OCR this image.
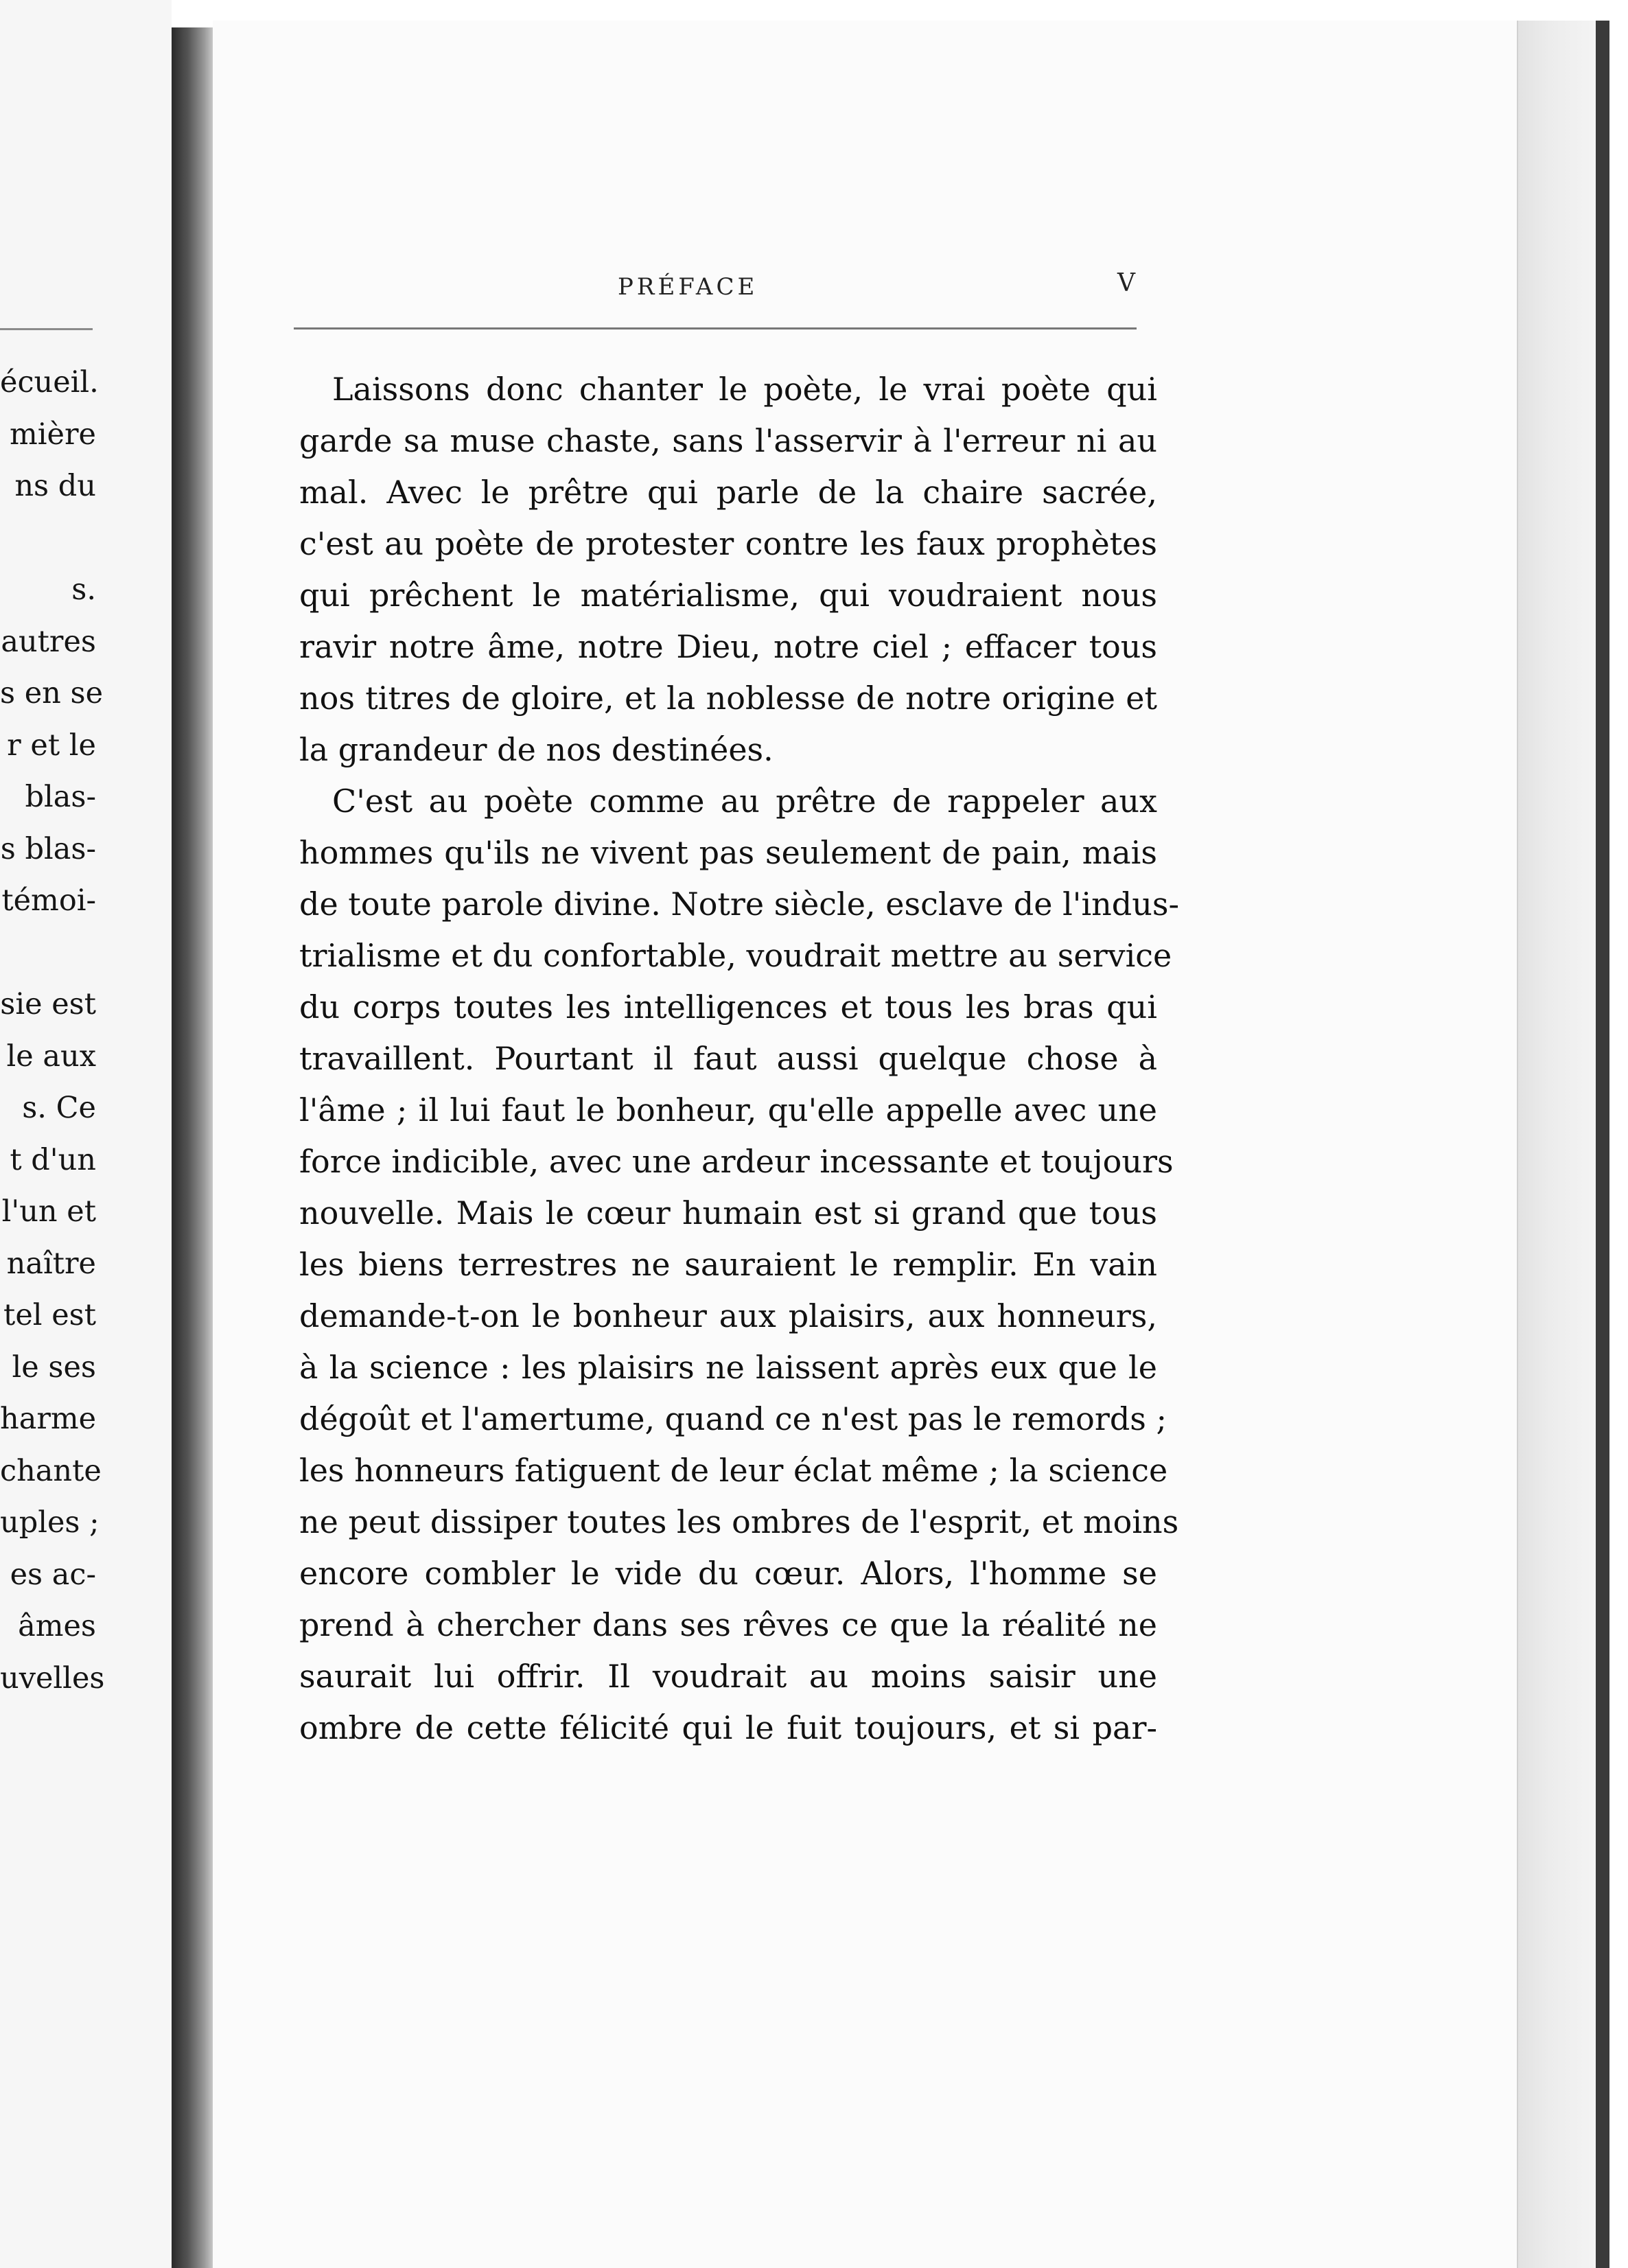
écueil.
mière
ns du
s.
autres
s en se
r et le
blas-
s blas-
témoi-
sie est
le aux
s. Ce
t d'un
l'un et
naître
tel est
le ses
harme
chante
uples ;
es ac-
âmes
uvelles
PRÉFACE	V
Laissons donc chanter le poète, le vrai poète qui
garde sa muse chaste, sans l'asservir à l'erreur ni au
mal. Avec le prêtre qui parle de la chaire sacrée,
c'est au poète de protester contre les faux prophètes
qui prêchent le matérialisme, qui voudraient nous
ravir notre âme, notre Dieu, notre ciel ; effacer tous
nos titres de gloire, et la noblesse de notre origine et
la grandeur de nos destinées.
C'est au poète comme au prêtre de rappeler aux
hommes qu'ils ne vivent pas seulement de pain, mais
de toute parole divine. Notre siècle, esclave de l'indus-
trialisme et du confortable, voudrait mettre au service
du corps toutes les intelligences et tous les bras qui
travaillent. Pourtant il faut aussi quelque chose à
l'âme ; il lui faut le bonheur, qu'elle appelle avec une
force indicible, avec une ardeur incessante et toujours
nouvelle. Mais le cœur humain est si grand que tous
les biens terrestres ne sauraient le remplir. En vain
demande-t-on le bonheur aux plaisirs, aux honneurs,
à la science : les plaisirs ne laissent après eux que le
dégoût et l'amertume, quand ce n'est pas le remords ;
les honneurs fatiguent de leur éclat même ; la science
ne peut dissiper toutes les ombres de l'esprit, et moins
encore combler le vide du cœur. Alors, l'homme se
prend à chercher dans ses rêves ce que la réalité ne
saurait lui offrir. Il voudrait au moins saisir une
ombre de cette félicité qui le fuit toujours, et si par-
